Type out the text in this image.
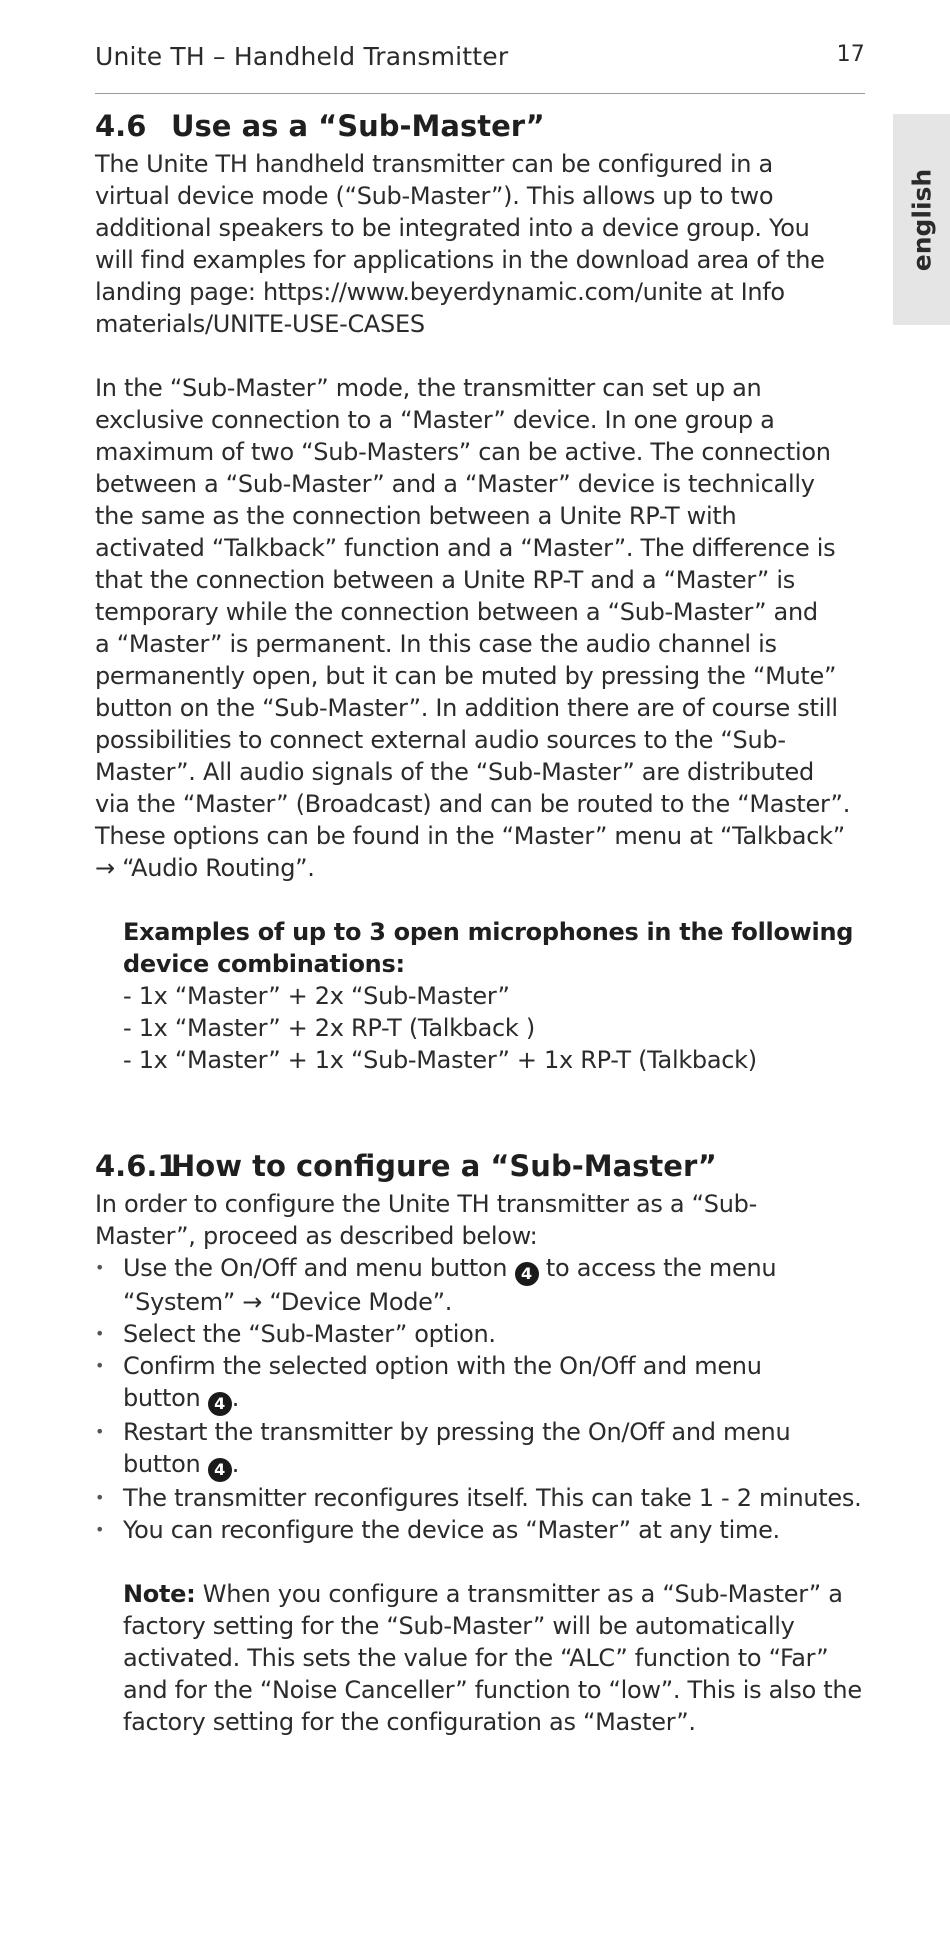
Unite TH – Handheld Transmitter	17
english
4.6 Use as a “Sub-Master”

The Unite TH handheld transmitter can be configured in a
virtual device mode (“Sub-Master”). This allows up to two
additional speakers to be integrated into a device group. You
will find examples for applications in the download area of the
landing page: https://www.beyerdynamic.com/unite at Info
materials/UNITE-USE-CASES

In the “Sub-Master” mode, the transmitter can set up an
exclusive connection to a “Master” device. In one group a
maximum of two “Sub-Masters” can be active. The connection
between a “Sub-Master” and a “Master” device is technically
the same as the connection between a Unite RP-T with
activated “Talkback” function and a “Master”. The difference is
that the connection between a Unite RP-T and a “Master” is
temporary while the connection between a “Sub-Master” and
a “Master” is permanent. In this case the audio channel is
permanently open, but it can be muted by pressing the “Mute”
button on the “Sub-Master”. In addition there are of course still
possibilities to connect external audio sources to the “Sub-
Master”. All audio signals of the “Sub-Master” are distributed
via the “Master” (Broadcast) and can be routed to the “Master”.
These options can be found in the “Master” menu at “Talkback”
→ “Audio Routing”.

Examples of up to 3 open microphones in the following
device combinations:

- 1x “Master” + 2x “Sub-Master”
- 1x “Master” + 2x RP-T (Talkback )
- 1x “Master” + 1x “Sub-Master” + 1x RP-T (Talkback)

4.6.1How to configure a “Sub-Master”

In order to configure the Unite TH transmitter as a “Sub-
Master”, proceed as described below:

• Use the On/Off and menu button 4 to access the menu
“System” → “Device Mode”.
• Select the “Sub-Master” option.
• Confirm the selected option with the On/Off and menu
button 4 .
• Restart the transmitter by pressing the On/Off and menu
button 4 .
• The transmitter reconfigures itself. This can take 1 - 2 minutes.
• You can reconfigure the device as “Master” at any time.

Note: When you configure a transmitter as a “Sub-Master” a
factory setting for the “Sub-Master” will be automatically
activated. This sets the value for the “ALC” function to “Far”
and for the “Noise Canceller” function to “low”. This is also the
factory setting for the configuration as “Master”.
